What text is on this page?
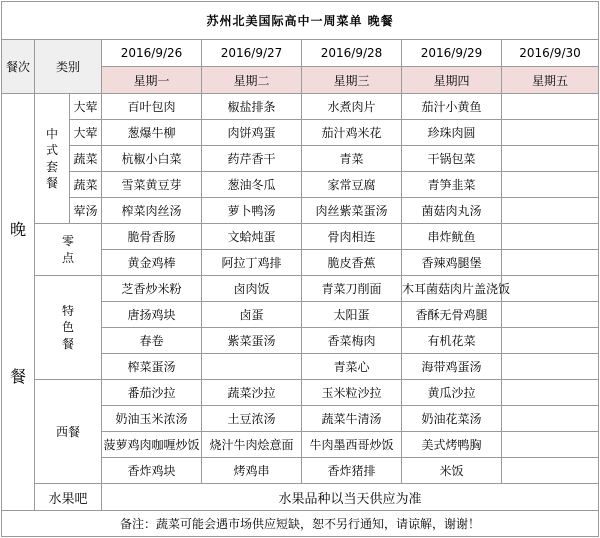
苏州北美国际高中一周菜单 晚餐							
餐次	类别		2016/9/26	2016/9/27	2016/9/28	2016/9/29	2016/9/30
			星期一	星期二	星期三	星期四	星期五

晚
餐	中式套餐	大荤	百叶包肉	椒盐排条	水煮肉片	茄汁小黄鱼	
		大荤	葱爆牛柳	肉饼鸡蛋	茄汁鸡米花	珍珠肉圆	
		蔬菜	杭椒小白菜	药芹香干	青菜	干锅包菜	
		蔬菜	雪菜黄豆芽	葱油冬瓜	家常豆腐	青笋韭菜	
		荤汤	榨菜肉丝汤	萝卜鸭汤	肉丝紫菜蛋汤	菌菇肉丸汤	
	零点		脆骨香肠	文蛤炖蛋	骨肉相连	串炸鱿鱼	
			黄金鸡棒	阿拉丁鸡排	脆皮香蕉	香辣鸡腿堡	
	特色餐		芝香炒米粉	卤肉饭	青菜刀削面	木耳菌菇肉片盖浇饭	
			唐扬鸡块	卤蛋	太阳蛋	香酥无骨鸡腿	
			春卷	紫菜蛋汤	香菜梅肉	有机花菜	
			榨菜蛋汤		青菜心	海带鸡蛋汤	
	西餐		番茄沙拉	蔬菜沙拉	玉米粒沙拉	黄瓜沙拉	
			奶油玉米浓汤	土豆浓汤	蔬菜牛清汤	奶油花菜汤	
			菠萝鸡肉咖喱炒饭	烧汁牛肉烩意面	牛肉墨西哥炒饭	美式烤鸭胸	
			香炸鸡块	烤鸡串	香炸猪排	米饭	
	水果吧		水果品种以当天供应为准				
备注：蔬菜可能会遇市场供应短缺，恕不另行通知，请谅解，谢谢！							
